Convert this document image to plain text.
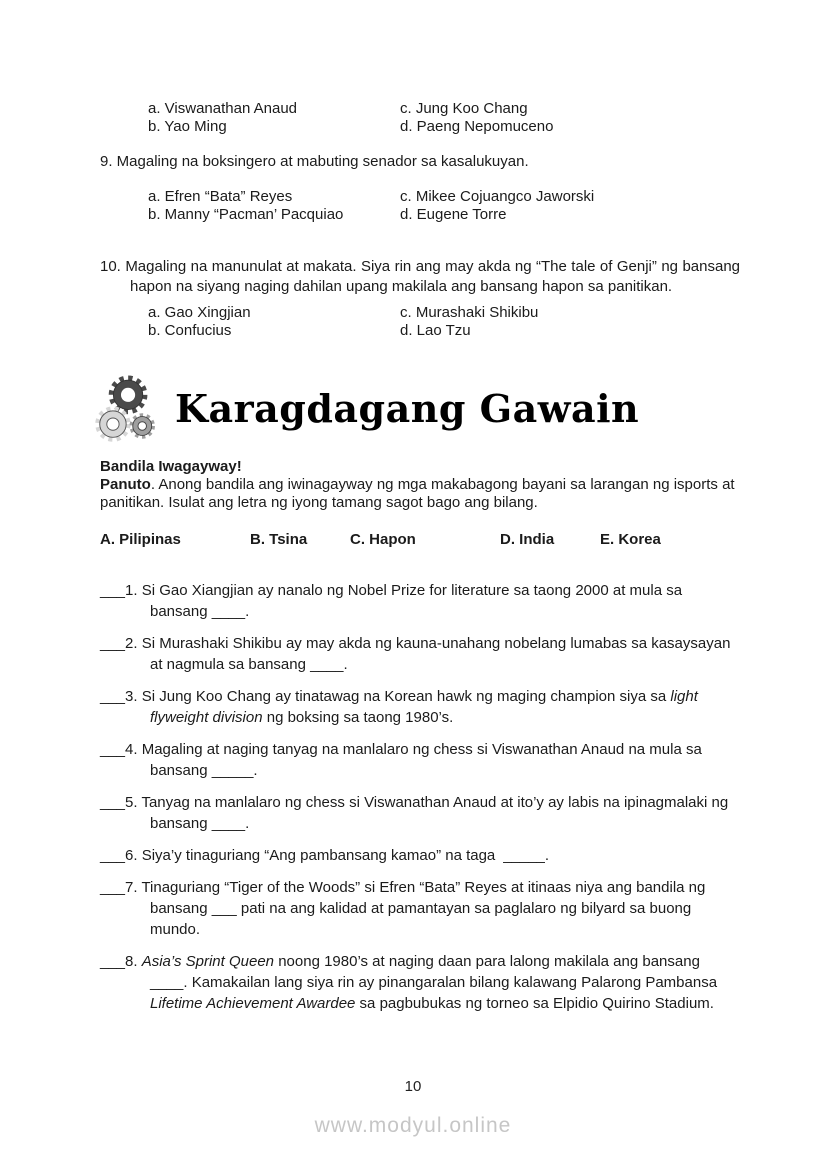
a. Viswanathan Anaud	c. Jung Koo Chang
b. Yao Ming	d. Paeng Nepomuceno
9. Magaling na boksingero at mabuting senador sa kasalukuyan.
a. Efren “Bata” Reyes	c. Mikee Cojuangco Jaworski
b. Manny “Pacman’ Pacquiao	d. Eugene Torre
10. Magaling na manunulat at makata. Siya rin ang may akda ng “The tale of Genji” ng bansang hapon na siyang naging dahilan upang makilala ang bansang hapon sa panitikan.
a. Gao Xingjian	c. Murashaki Shikibu
b. Confucius	d. Lao Tzu
Karagdagang Gawain
Bandila Iwagayway!
Panuto. Anong bandila ang iwinagayway ng mga makabagong bayani sa larangan ng isports at panitikan. Isulat ang letra ng iyong tamang sagot bago ang bilang.
A. Pilipinas	B. Tsina	C. Hapon	D. India	E. Korea
___1. Si Gao Xiangjian ay nanalo ng Nobel Prize for literature sa taong 2000 at mula sa bansang ____.
___2. Si Murashaki Shikibu ay may akda ng kauna-unahang nobelang lumabas sa kasaysayan at nagmula sa bansang ____.
___3. Si Jung Koo Chang ay tinatawag na Korean hawk ng maging champion siya sa light flyweight division ng boksing sa taong 1980’s.
___4. Magaling at naging tanyag na manlalaro ng chess si Viswanathan Anaud na mula sa bansang _____.
___5. Tanyag na manlalaro ng chess si Viswanathan Anaud at ito’y ay labis na ipinagmalaki ng bansang ____.
___6. Siya’y tinaguriang “Ang pambansang kamao” na taga  _____.
___7. Tinaguriang “Tiger of the Woods” si Efren “Bata” Reyes at itinaas niya ang bandila ng bansang ___ pati na ang kalidad at pamantayan sa paglalaro ng bilyard sa buong mundo.
___8. Asia’s Sprint Queen noong 1980’s at naging daan para lalong makilala ang bansang ____. Kamakailan lang siya rin ay pinangaralan bilang kalawang Palarong Pambansa Lifetime Achievement Awardee sa pagbubukas ng torneo sa Elpidio Quirino Stadium.
10
www.modyul.online
